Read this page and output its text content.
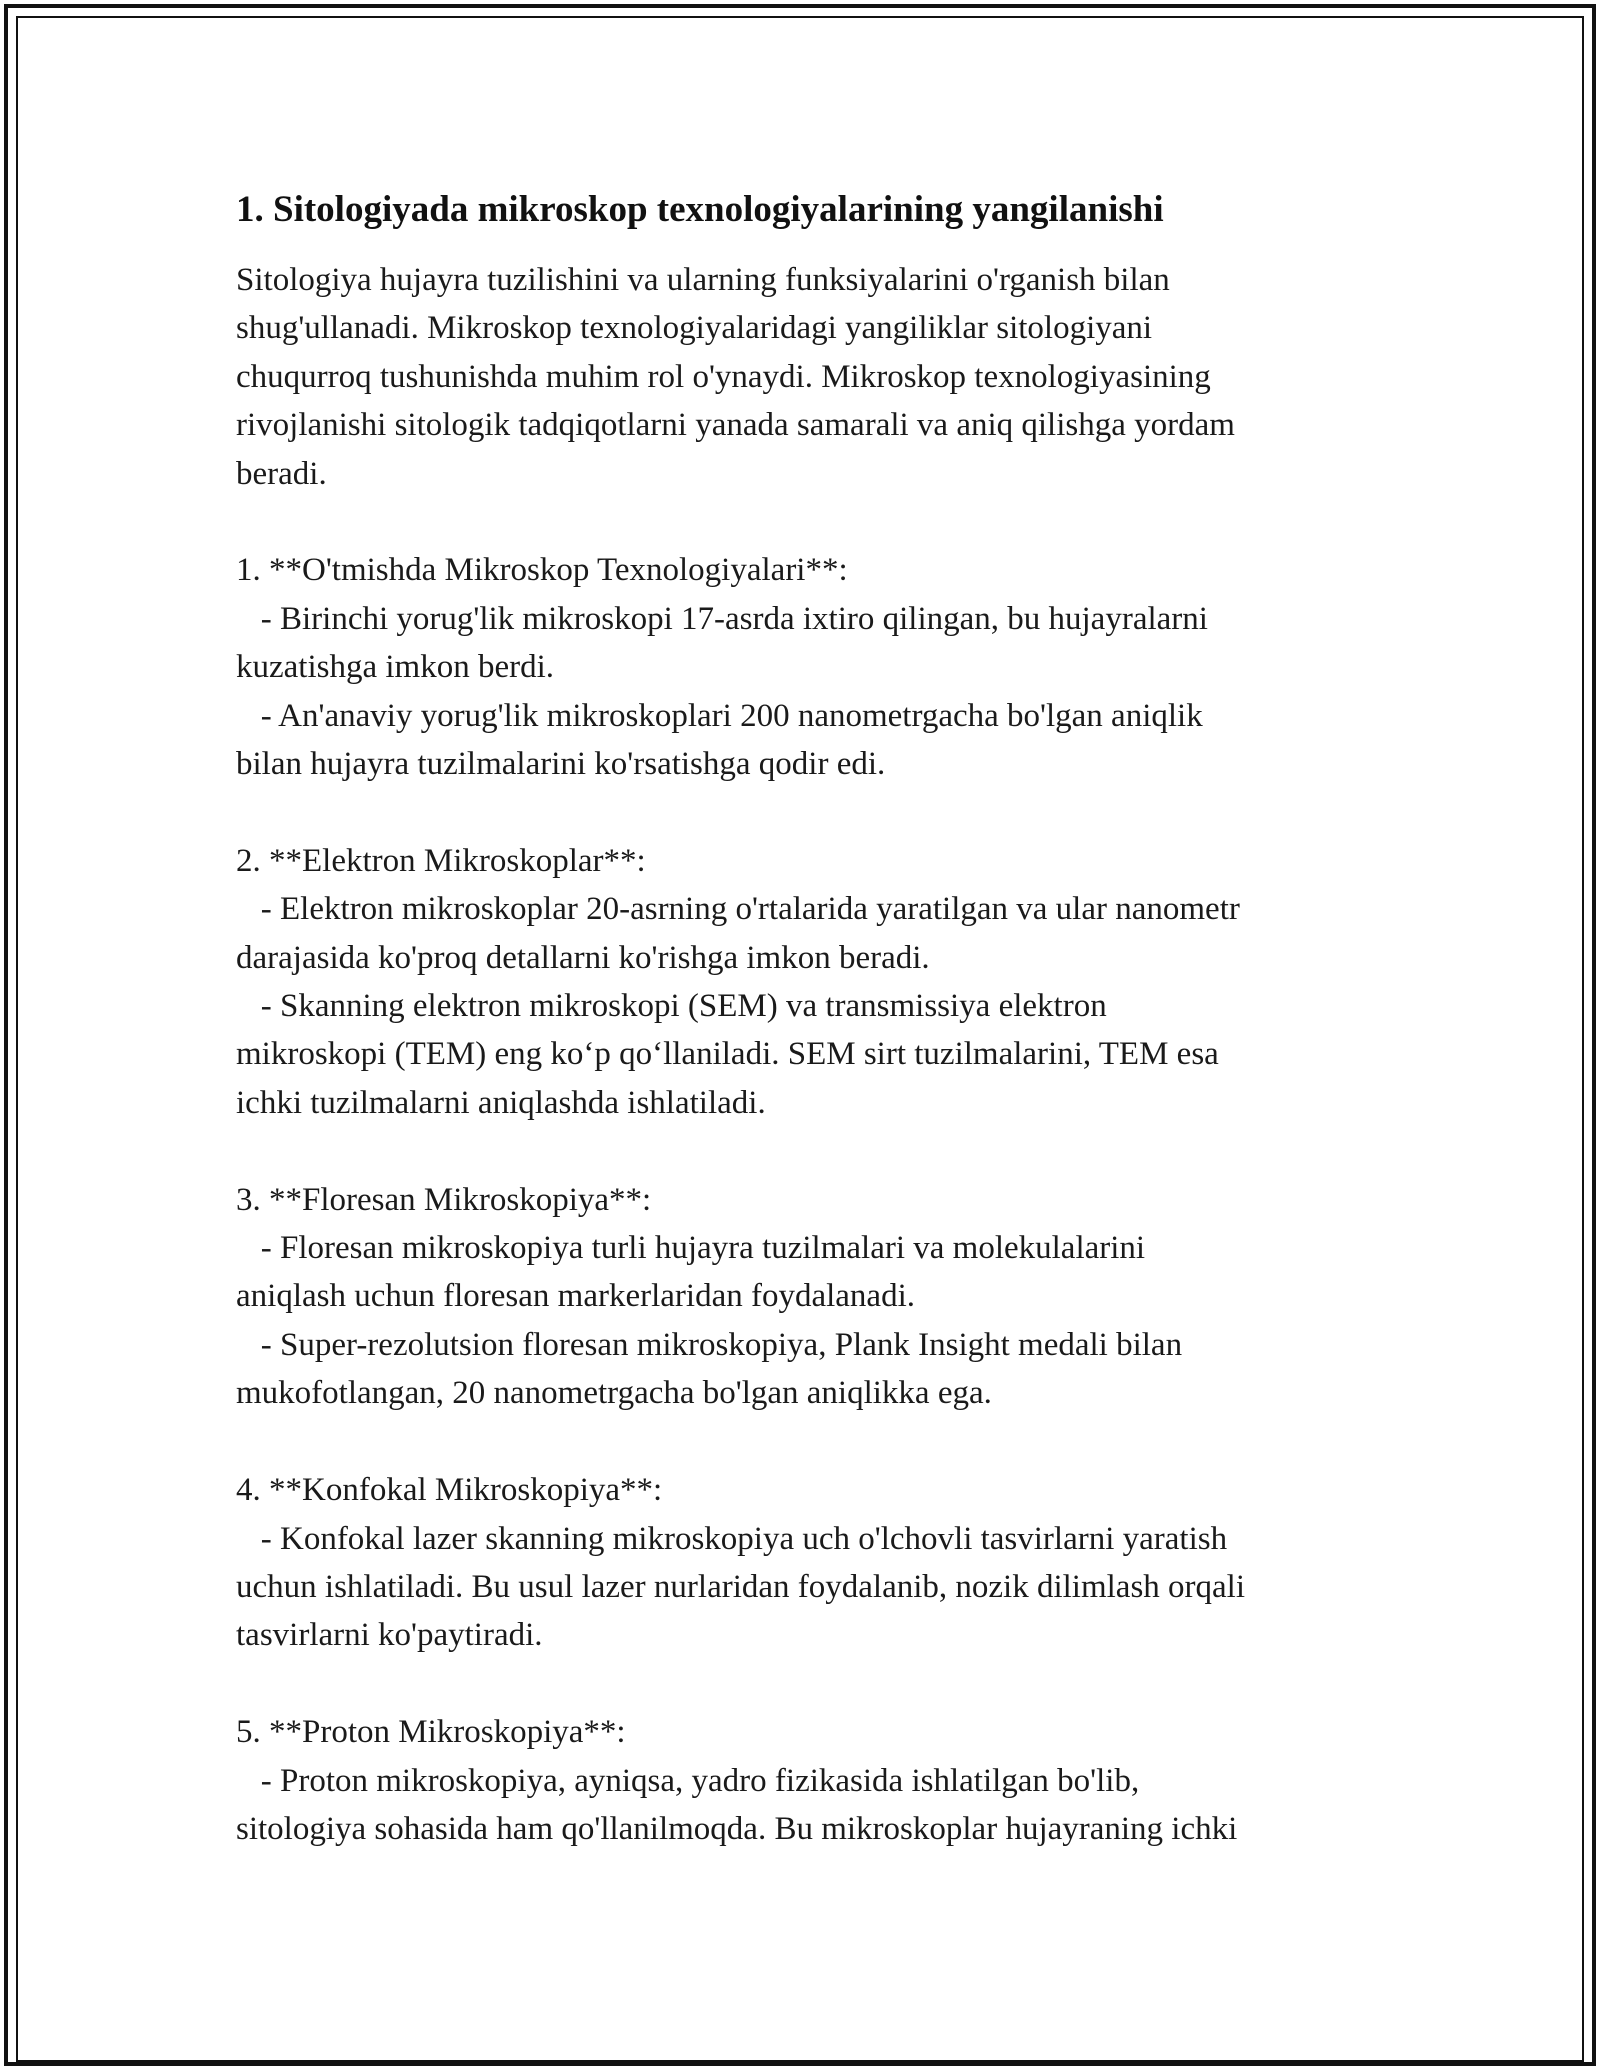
1. Sitologiyada mikroskop texnologiyalarining yangilanishi

Sitologiya hujayra tuzilishini va ularning funksiyalarini o'rganish bilan
shug'ullanadi. Mikroskop texnologiyalaridagi yangiliklar sitologiyani
chuqurroq tushunishda muhim rol o'ynaydi. Mikroskop texnologiyasining
rivojlanishi sitologik tadqiqotlarni yanada samarali va aniq qilishga yordam
beradi.

1. **O'tmishda Mikroskop Texnologiyalari**:

- Birinchi yorug'lik mikroskopi 17-asrda ixtiro qilingan, bu hujayralarni
kuzatishga imkon berdi.

- An'anaviy yorug'lik mikroskoplari 200 nanometrgacha bo'lgan aniqlik
bilan hujayra tuzilmalarini ko'rsatishga qodir edi.

2. **Elektron Mikroskoplar**:

- Elektron mikroskoplar 20-asrning o'rtalarida yaratilgan va ular nanometr
darajasida ko'proq detallarni ko'rishga imkon beradi.

- Skanning elektron mikroskopi (SEM) va transmissiya elektron
mikroskopi (TEM) eng koʻp qoʻllaniladi. SEM sirt tuzilmalarini, TEM esa
ichki tuzilmalarni aniqlashda ishlatiladi.

3. **Floresan Mikroskopiya**:

- Floresan mikroskopiya turli hujayra tuzilmalari va molekulalarini
aniqlash uchun floresan markerlaridan foydalanadi.

- Super-rezolutsion floresan mikroskopiya, Plank Insight medali bilan
mukofotlangan, 20 nanometrgacha bo'lgan aniqlikka ega.

4. **Konfokal Mikroskopiya**:

- Konfokal lazer skanning mikroskopiya uch o'lchovli tasvirlarni yaratish
uchun ishlatiladi. Bu usul lazer nurlaridan foydalanib, nozik dilimlash orqali
tasvirlarni ko'paytiradi.

5. **Proton Mikroskopiya**:

- Proton mikroskopiya, ayniqsa, yadro fizikasida ishlatilgan bo'lib,
sitologiya sohasida ham qo'llanilmoqda. Bu mikroskoplar hujayraning ichki
